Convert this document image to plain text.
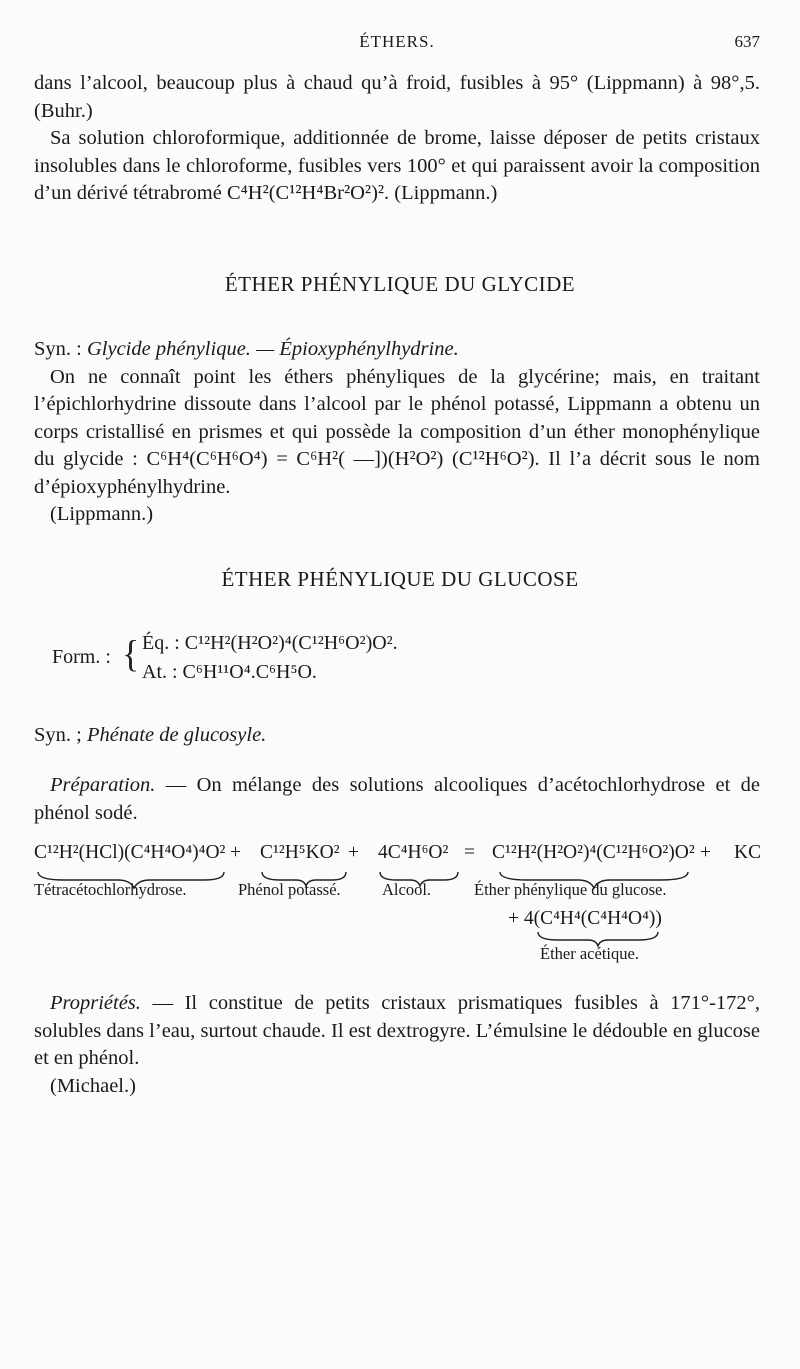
ÉTHERS.	637

dans l’alcool, beaucoup plus à chaud qu’à froid, fusibles à 95° (Lippmann) à 98°,5. (Buhr.)

Sa solution chloroformique, additionnée de brome, laisse déposer de petits cristaux insolubles dans le chloroforme, fusibles vers 100° et qui paraissent avoir la composition d’un dérivé tétrabromé C⁴H²(C¹²H⁴Br²O²)². (Lippmann.)

ÉTHER PHÉNYLIQUE DU GLYCIDE

Syn. : Glycide phénylique. — Épioxyphénylhydrine.

On ne connaît point les éthers phényliques de la glycérine; mais, en traitant l’épichlorhydrine dissoute dans l’alcool par le phénol potassé, Lippmann a obtenu un corps cristallisé en prismes et qui possède la composition d’un éther monophénylique du glycide : C⁶H⁴(C⁶H⁶O⁴) = C⁶H²( —])(H²O²) (C¹²H⁶O²). Il l’a décrit sous le nom d’épioxyphénylhydrine.

(Lippmann.)

ÉTHER PHÉNYLIQUE DU GLUCOSE
Form. : { Éq. : C¹²H²(H²O²)⁴(C¹²H⁶O²)O².
At. : C⁶H¹¹O⁴.C⁶H⁵O.

Syn. ; Phénate de glucosyle.

Préparation. — On mélange des solutions alcooliques d’acétochlorhydrose et de phénol sodé.

C¹²H²(HCl)(C⁴H⁴O⁴)⁴O² + C¹²H⁵KO² + 4C⁴H⁶O² = C¹²H²(H²O²)⁴(C¹²H⁶O²)O² + KC
Tétracétochlorhydrose.	Phénol potassé.	Alcool.	Éther phénylique du glucose.
+ 4(C⁴H⁴(C⁴H⁴O⁴))
Éther acétique.

Propriétés. — Il constitue de petits cristaux prismatiques fusibles à 171°-172°, solubles dans l’eau, surtout chaude. Il est dextrogyre. L’émulsine le dédouble en glucose et en phénol.

(Michael.)
